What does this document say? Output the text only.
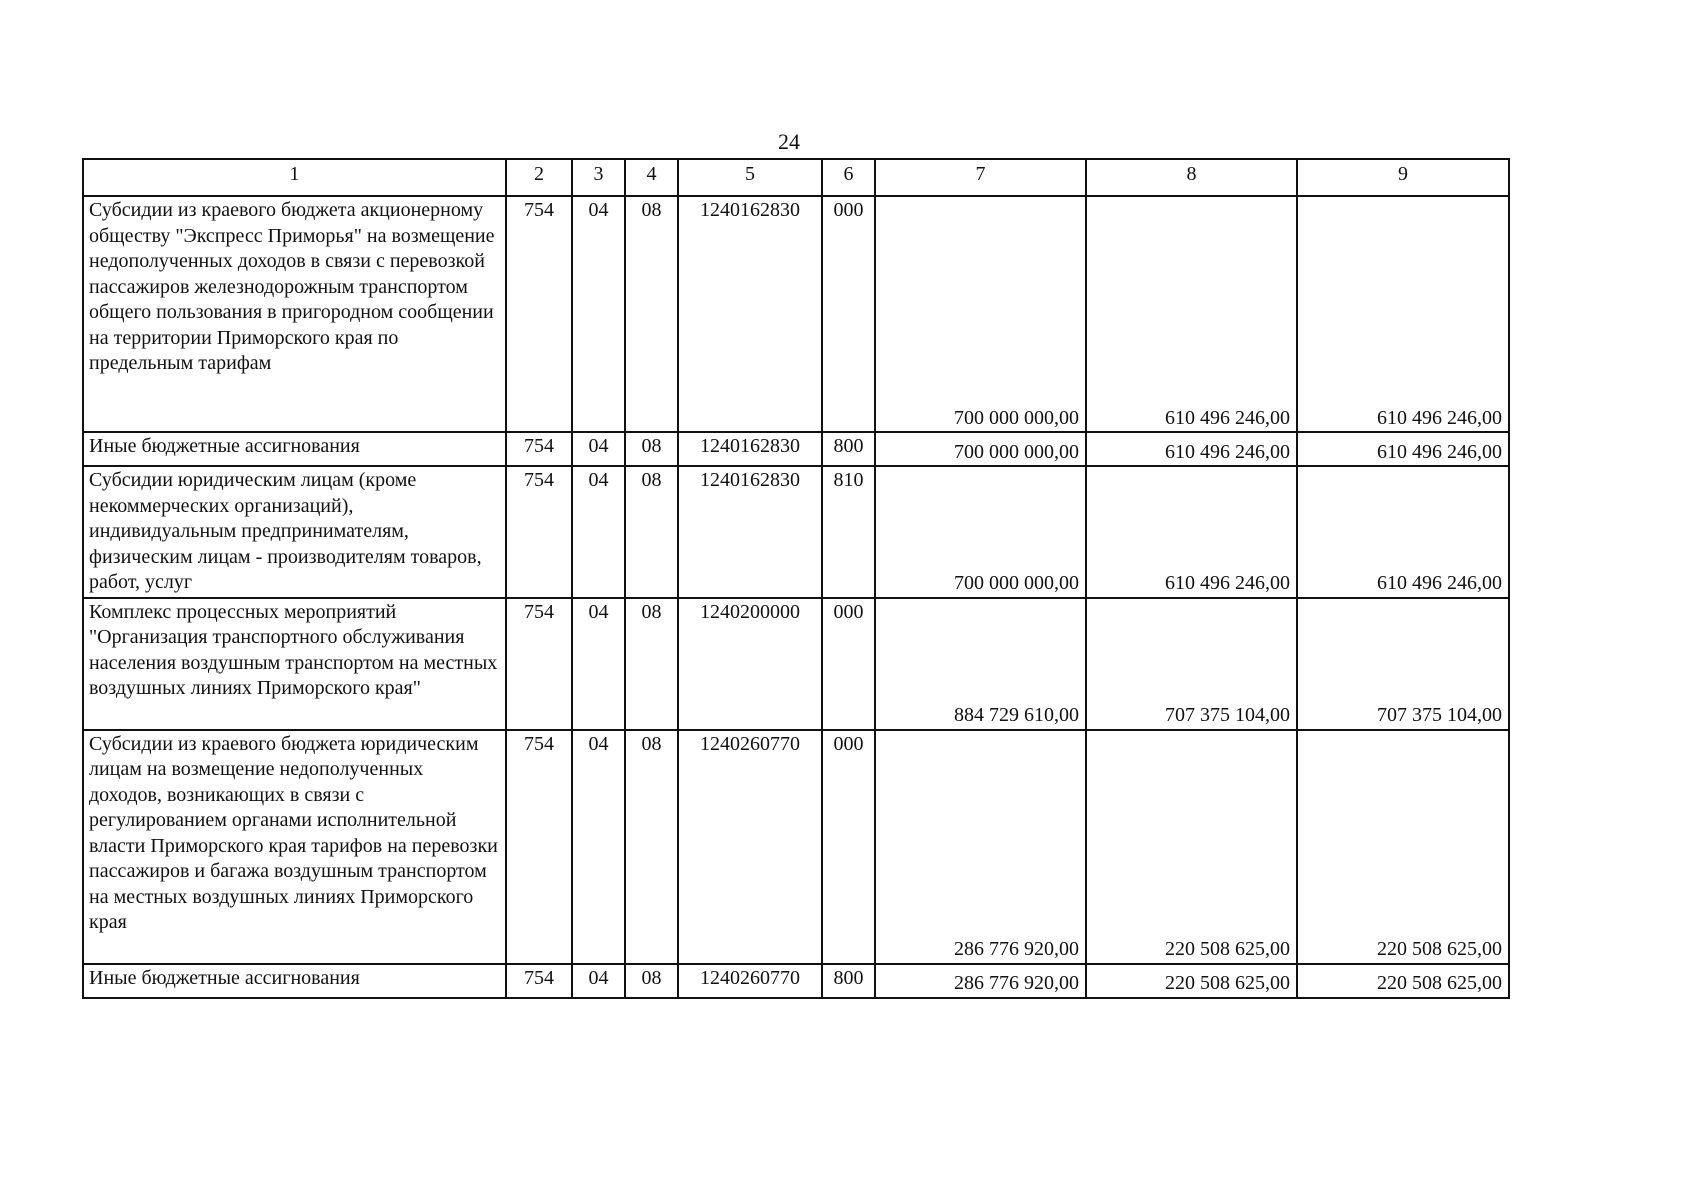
24
1	2	3	4	5	6	7	8	9
Субсидии из краевого бюджета акционерному обществу "Экспресс Приморья" на возмещение недополученных доходов в связи с перевозкой пассажиров железнодорожным транспортом общего пользования в пригородном сообщении на территории Приморского края по предельным тарифам	754	04	08	1240162830	000	700 000 000,00	610 496 246,00	610 496 246,00
Иные бюджетные ассигнования	754	04	08	1240162830	800	700 000 000,00	610 496 246,00	610 496 246,00
Субсидии юридическим лицам (кроме некоммерческих организаций), индивидуальным предпринимателям, физическим лицам - производителям товаров, работ, услуг	754	04	08	1240162830	810	700 000 000,00	610 496 246,00	610 496 246,00
Комплекс процессных мероприятий "Организация транспортного обслуживания населения воздушным транспортом на местных воздушных линиях Приморского края"	754	04	08	1240200000	000	884 729 610,00	707 375 104,00	707 375 104,00
Субсидии из краевого бюджета юридическим лицам на возмещение недополученных доходов, возникающих в связи с регулированием органами исполнительной власти Приморского края тарифов на перевозки пассажиров и багажа воздушным транспортом на местных воздушных линиях Приморского края	754	04	08	1240260770	000	286 776 920,00	220 508 625,00	220 508 625,00
Иные бюджетные ассигнования	754	04	08	1240260770	800	286 776 920,00	220 508 625,00	220 508 625,00
